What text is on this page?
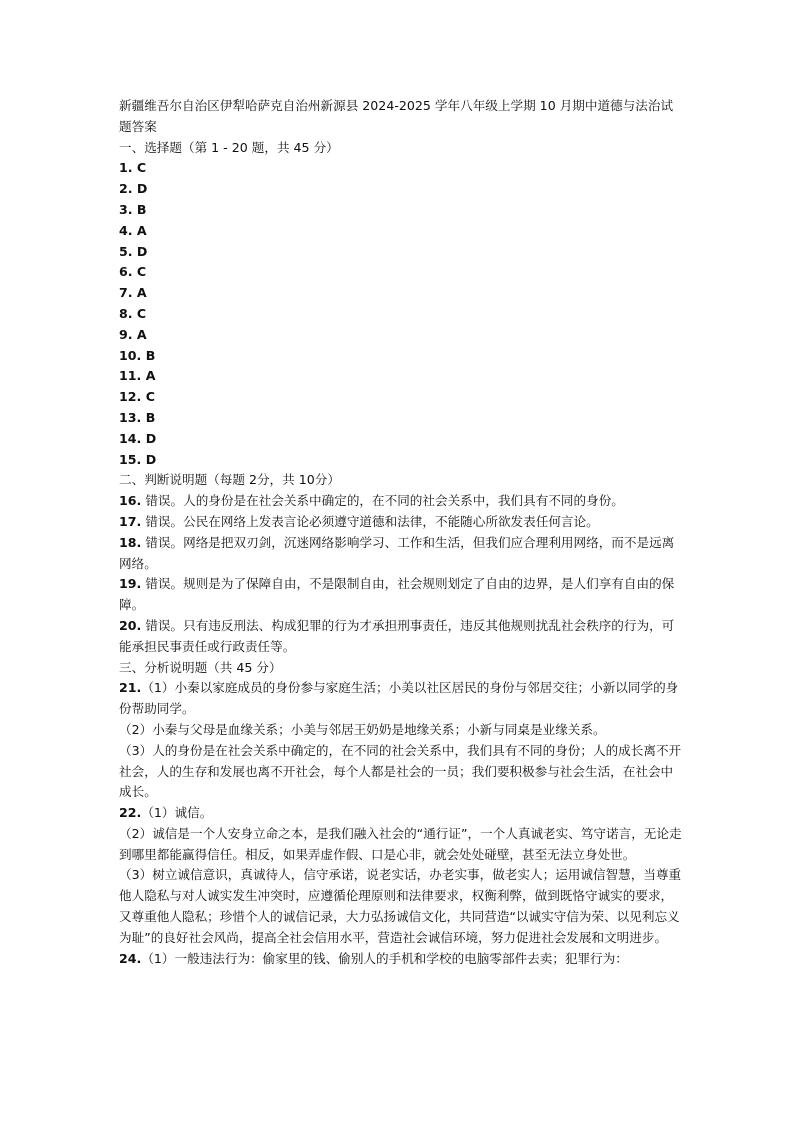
新疆维吾尔自治区伊犁哈萨克自治州新源县 2024-2025 学年八年级上学期 10 月期中道德与法治试题答案

一、选择题（第 1 - 20 题，共 45 分）

1. C

2. D

3. B

4. A

5. D

6. C

7. A

8. C

9. A

10. B

11. A

12. C

13. B

14. D

15. D

二、判断说明题（每题 2分，共 10分）

16. 错误。人的身份是在社会关系中确定的，在不同的社会关系中，我们具有不同的身份。

17. 错误。公民在网络上发表言论必须遵守道德和法律，不能随心所欲发表任何言论。

18. 错误。网络是把双刃剑，沉迷网络影响学习、工作和生活，但我们应合理利用网络，而不是远离网络。

19. 错误。规则是为了保障自由，不是限制自由，社会规则划定了自由的边界，是人们享有自由的保障。

20. 错误。只有违反刑法、构成犯罪的行为才承担刑事责任，违反其他规则扰乱社会秩序的行为，可能承担民事责任或行政责任等。

三、分析说明题（共 45 分）

21.（1）小秦以家庭成员的身份参与家庭生活；小美以社区居民的身份与邻居交往；小新以同学的身份帮助同学。

（2）小秦与父母是血缘关系；小美与邻居王奶奶是地缘关系；小新与同桌是业缘关系。

（3）人的身份是在社会关系中确定的，在不同的社会关系中，我们具有不同的身份；人的成长离不开社会，人的生存和发展也离不开社会，每个人都是社会的一员；我们要积极参与社会生活，在社会中成长。

22.（1）诚信。

（2）诚信是一个人安身立命之本，是我们融入社会的“通行证”，一个人真诚老实、笃守诺言，无论走到哪里都能赢得信任。相反，如果弄虚作假、口是心非，就会处处碰壁，甚至无法立身处世。

（3）树立诚信意识，真诚待人，信守承诺，说老实话，办老实事，做老实人；运用诚信智慧，当尊重他人隐私与对人诚实发生冲突时，应遵循伦理原则和法律要求，权衡利弊，做到既恪守诚实的要求，又尊重他人隐私；珍惜个人的诚信记录，大力弘扬诚信文化，共同营造“以诚实守信为荣、以见利忘义为耻”的良好社会风尚，提高全社会信用水平，营造社会诚信环境，努力促进社会发展和文明进步。

24.（1）一般违法行为：偷家里的钱、偷别人的手机和学校的电脑零部件去卖；犯罪行为：
